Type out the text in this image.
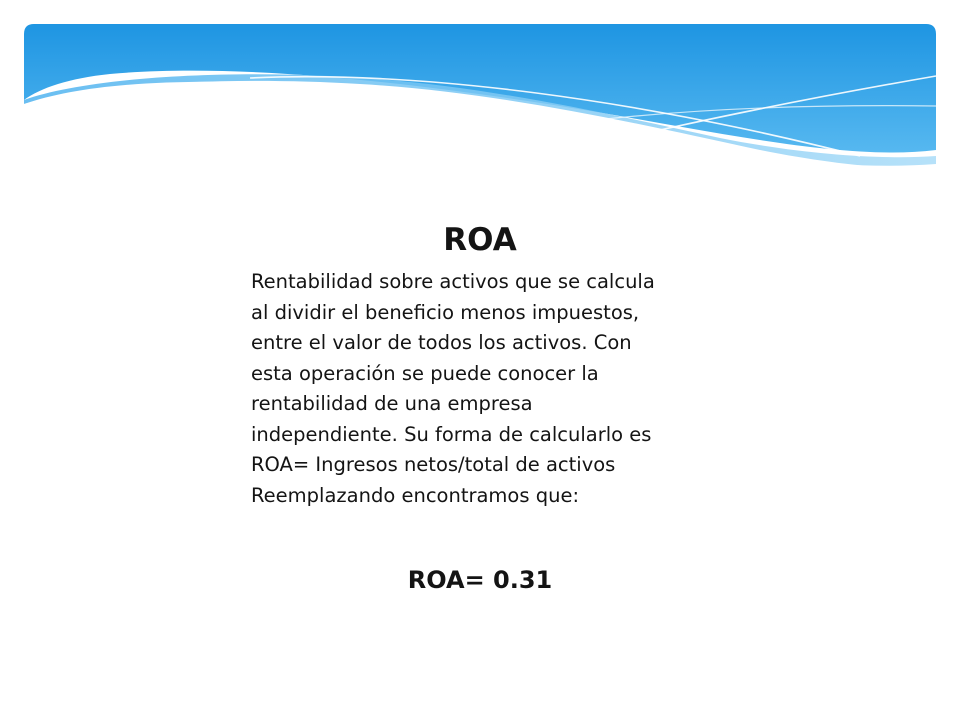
ROA

Rentabilidad sobre activos que se calcula
al dividir el beneficio menos impuestos,
entre el valor de todos los activos. Con
esta operación se puede conocer la
rentabilidad de una empresa
independiente. Su forma de calcularlo es
ROA= Ingresos netos/total de activos
Reemplazando encontramos que:

ROA= 0.31
